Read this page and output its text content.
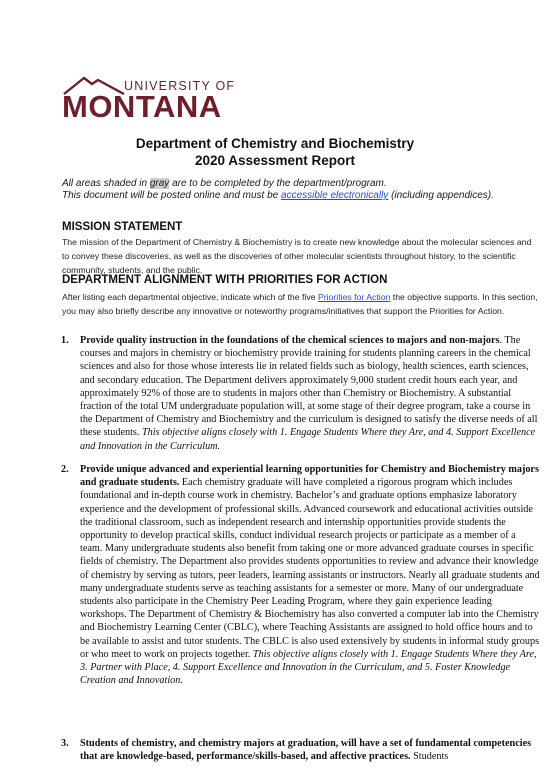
UNIVERSITY OF
MONTANA
Department of Chemistry and Biochemistry
2020 Assessment Report
All areas shaded in gray are to be completed by the department/program.
This document will be posted online and must be accessible electronically (including appendices).
MISSION STATEMENT
The mission of the Department of Chemistry & Biochemistry is to create new knowledge about the molecular sciences and to convey these discoveries, as well as the discoveries of other molecular scientists throughout history, to the scientific community, students, and the public.
DEPARTMENT ALIGNMENT WITH PRIORITIES FOR ACTION
After listing each departmental objective, indicate which of the five Priorities for Action the objective supports. In this section, you may also briefly describe any innovative or noteworthy programs/initiatives that support the Priorities for Action.
1. Provide quality instruction in the foundations of the chemical sciences to majors and non-majors. The courses and majors in chemistry or biochemistry provide training for students planning careers in the chemical sciences and also for those whose interests lie in related fields such as biology, health sciences, earth sciences, and secondary education. The Department delivers approximately 9,000 student credit hours each year, and approximately 92% of those are to students in majors other than Chemistry or Biochemistry. A substantial fraction of the total UM undergraduate population will, at some stage of their degree program, take a course in the Department of Chemistry and Biochemistry and the curriculum is designed to satisfy the diverse needs of all these students. This objective aligns closely with 1. Engage Students Where they Are, and 4. Support Excellence and Innovation in the Curriculum.
2. Provide unique advanced and experiential learning opportunities for Chemistry and Biochemistry majors and graduate students. Each chemistry graduate will have completed a rigorous program which includes foundational and in-depth course work in chemistry. Bachelor’s and graduate options emphasize laboratory experience and the development of professional skills. Advanced coursework and educational activities outside the traditional classroom, such as independent research and internship opportunities provide students the opportunity to develop practical skills, conduct individual research projects or participate as a member of a team. Many undergraduate students also benefit from taking one or more advanced graduate courses in specific fields of chemistry. The Department also provides students opportunities to review and advance their knowledge of chemistry by serving as tutors, peer leaders, learning assistants or instructors. Nearly all graduate students and many undergraduate students serve as teaching assistants for a semester or more. Many of our undergraduate students also participate in the Chemistry Peer Leading Program, where they gain experience leading workshops. The Department of Chemistry & Biochemistry has also converted a computer lab into the Chemistry and Biochemistry Learning Center (CBLC), where Teaching Assistants are assigned to hold office hours and to be available to assist and tutor students. The CBLC is also used extensively by students in informal study groups or who meet to work on projects together. This objective aligns closely with 1. Engage Students Where they Are, 3. Partner with Place, 4. Support Excellence and Innovation in the Curriculum, and 5. Foster Knowledge Creation and Innovation.
3. Students of chemistry, and chemistry majors at graduation, will have a set of fundamental competencies that are knowledge-based, performance/skills-based, and affective practices. Students
